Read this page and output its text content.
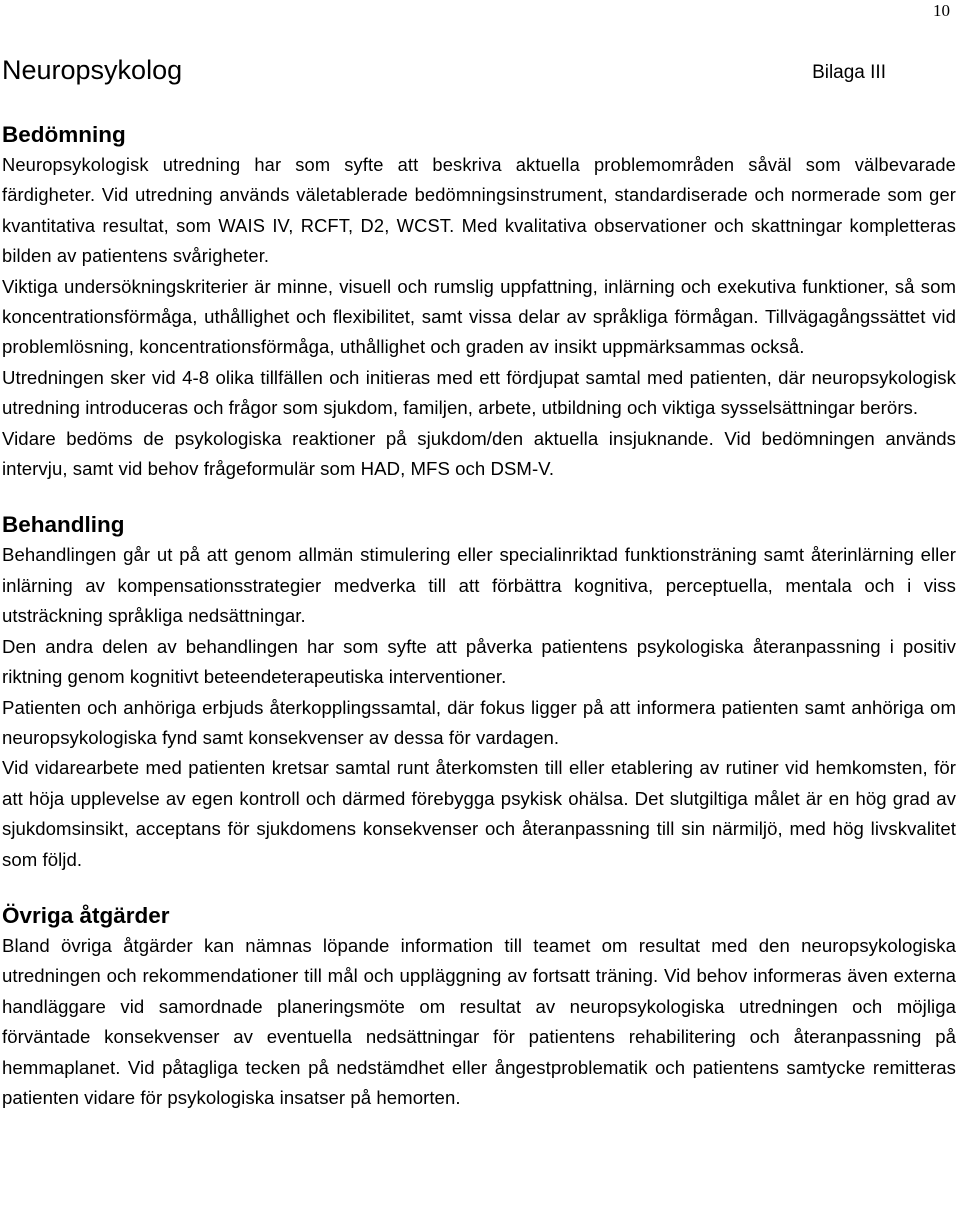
10
Neuropsykolog	Bilaga III
Bedömning

Neuropsykologisk utredning har som syfte att beskriva aktuella problemområden såväl som välbevarade färdigheter. Vid utredning används väletablerade bedömningsinstrument, standardiserade och normerade som ger kvantitativa resultat, som WAIS IV, RCFT, D2, WCST. Med kvalitativa observationer och skattningar kompletteras bilden av patientens svårigheter.

Viktiga undersökningskriterier är minne, visuell och rumslig uppfattning, inlärning och exekutiva funktioner, så som koncentrationsförmåga, uthållighet och flexibilitet, samt vissa delar av språkliga förmågan. Tillvägagångssättet vid problemlösning, koncentrationsförmåga, uthållighet och graden av insikt uppmärksammas också.

Utredningen sker vid 4-8 olika tillfällen och initieras med ett fördjupat samtal med patienten, där neuropsykologisk utredning introduceras och frågor som sjukdom, familjen, arbete, utbildning och viktiga sysselsättningar berörs.

Vidare bedöms de psykologiska reaktioner på sjukdom/den aktuella insjuknande. Vid bedömningen används intervju, samt vid behov frågeformulär som HAD, MFS och DSM-V.

Behandling

Behandlingen går ut på att genom allmän stimulering eller specialinriktad funktionsträning samt återinlärning eller inlärning av kompensationsstrategier medverka till att förbättra kognitiva, perceptuella, mentala och i viss utsträckning språkliga nedsättningar.

Den andra delen av behandlingen har som syfte att påverka patientens psykologiska återanpassning i positiv riktning genom kognitivt beteendeterapeutiska interventioner.

Patienten och anhöriga erbjuds återkopplingssamtal, där fokus ligger på att informera patienten samt anhöriga om neuropsykologiska fynd samt konsekvenser av dessa för vardagen.

Vid vidarearbete med patienten kretsar samtal runt återkomsten till eller etablering av rutiner vid hemkomsten, för att höja upplevelse av egen kontroll och därmed förebygga psykisk ohälsa. Det slutgiltiga målet är en hög grad av sjukdomsinsikt, acceptans för sjukdomens konsekvenser och återanpassning till sin närmiljö, med hög livskvalitet som följd.

Övriga åtgärder

Bland övriga åtgärder kan nämnas löpande information till teamet om resultat med den neuropsykologiska utredningen och rekommendationer till mål och uppläggning av fortsatt träning. Vid behov informeras även externa handläggare vid samordnade planeringsmöte om resultat av neuropsykologiska utredningen och möjliga förväntade konsekvenser av eventuella nedsättningar för patientens rehabilitering och återanpassning på hemmaplanet. Vid påtagliga tecken på nedstämdhet eller ångestproblematik och patientens samtycke remitteras patienten vidare för psykologiska insatser på hemorten.
